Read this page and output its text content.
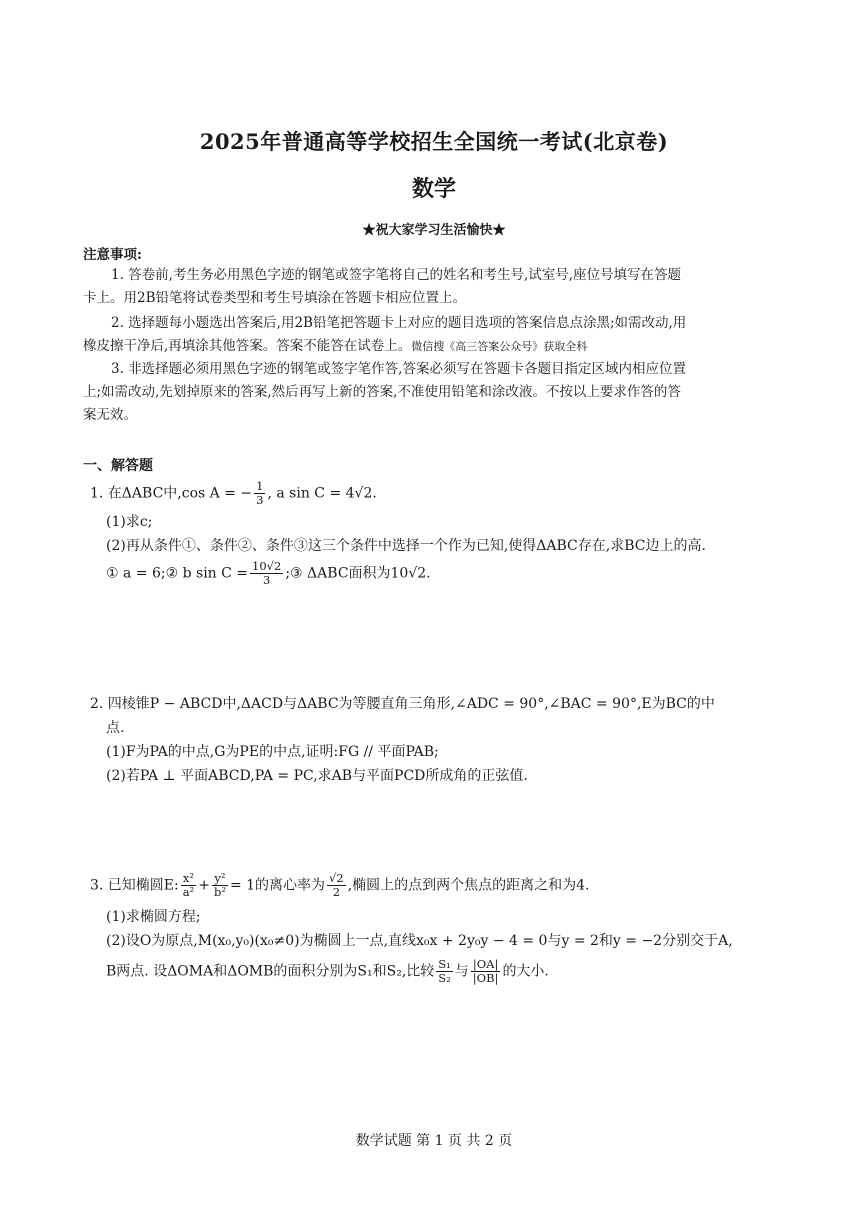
2025年普通高等学校招生全国统一考试(北京卷)
数学
★祝大家学习生活愉快★
注意事项:
1. 答卷前,考生务必用黑色字迹的钢笔或签字笔将自己的姓名和考生号,试室号,座位号填写在答题
卡上。用2B铅笔将试卷类型和考生号填涂在答题卡相应位置上。
2. 选择题每小题选出答案后,用2B铅笔把答题卡上对应的题目选项的答案信息点涂黑;如需改动,用
橡皮擦干净后,再填涂其他答案。答案不能答在试卷上。微信搜《高三答案公众号》获取全科
3. 非选择题必须用黑色字迹的钢笔或签字笔作答,答案必须写在答题卡各题目指定区域内相应位置
上;如需改动,先划掉原来的答案,然后再写上新的答案,不准使用铅笔和涂改液。不按以上要求作答的答
案无效。
一、解答题
1. 在ΔABC中,cos A = − $\frac{1}{3}$ , a sin C = 4√2.
(1)求c;
(2)再从条件①、条件②、条件③这三个条件中选择一个作为已知,使得ΔABC存在,求BC边上的高.
① a = 6;② b $\sin C = \frac{10√2}{3}$ ;③ ΔABC面积为10√2.
2. 四棱锥P − ABCD中,ΔACD与ΔABC为等腰直角三角形,∠ADC = 90°,∠BAC = 90°,E为BC的中
点.
(1)F为PA的中点,G为PE的中点,证明:FG // 平面PAB;
(2)若PA ⊥ 平面ABCD,PA = PC,求AB与平面PCD所成角的正弦值.
3. 已知椭圆E: $\frac{\text{x²}}{\text{a²}} + \frac{\text{y²}}{\text{b²}} = 1$的离心率为 $\frac{√2}{2}$ ,椭圆上的点到两个焦点的距离之和为4.
(1)求椭圆方程;
(2)设O为原点,M(x₀,y₀)(x₀≠0)为椭圆上一点,直线x₀x + 2y₀y − 4 = 0与y = 2和y = −2分别交于A,
B两点. 设ΔOMA和ΔOMB的面积分别为S₁和S₂,比较 $\frac{\text{S₁}}{\text{S₂}}$ 与 $\frac{|OA|}{|OB|}$ 的大小.
数学试题 第 1 页 共 2 页
